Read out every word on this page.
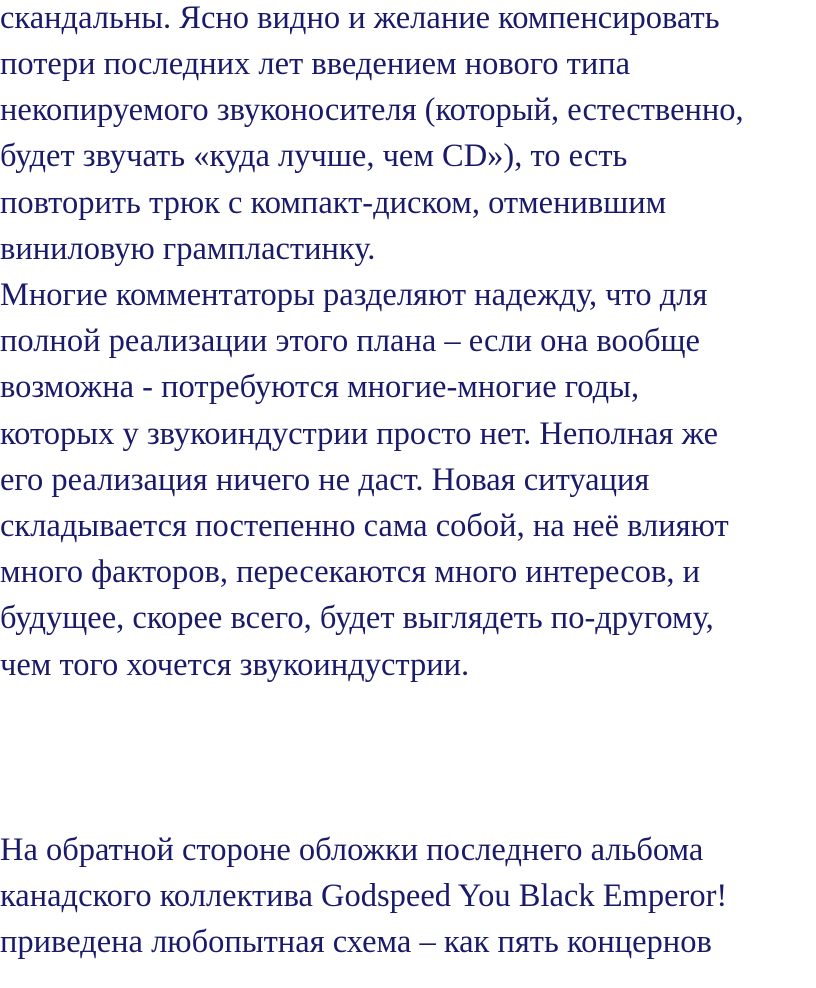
скандальны. Ясно видно и желание компенсировать
потери последних лет введением нового типа
некопируемого звуконосителя (который, естественно,
будет звучать «куда лучше, чем CD»), то есть
повторить трюк с компакт-диском, отменившим
виниловую грампластинку.
Многие комментаторы разделяют надежду, что для
полной реализации этого плана – если она вообще
возможна - потребуются многие-многие годы,
которых у звукоиндустрии просто нет. Неполная же
его реализация ничего не даст. Новая ситуация
складывается постепенно сама собой, на неё влияют
много факторов, пересекаются много интересов, и
будущее, скорее всего, будет выглядеть по-другому,
чем того хочется звукоиндустрии.
На обратной стороне обложки последнего альбома
канадского коллектива Godspeed You Black Emperor!
приведена любопытная схема – как пять концернов
